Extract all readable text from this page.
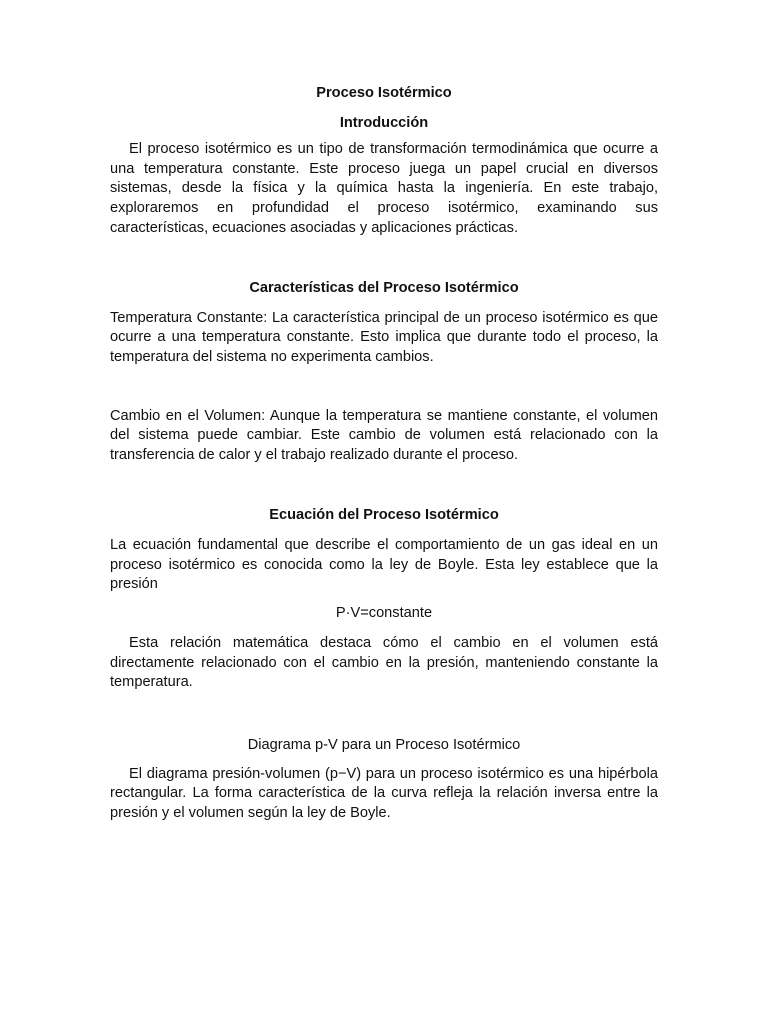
Proceso Isotérmico
Introducción

El proceso isotérmico es un tipo de transformación termodinámica que ocurre a una temperatura constante. Este proceso juega un papel crucial en diversos sistemas, desde la física y la química hasta la ingeniería. En este trabajo, exploraremos en profundidad el proceso isotérmico, examinando sus características, ecuaciones asociadas y aplicaciones prácticas.

Características del Proceso Isotérmico

Temperatura Constante: La característica principal de un proceso isotérmico es que ocurre a una temperatura constante. Esto implica que durante todo el proceso, la temperatura del sistema no experimenta cambios.

Cambio en el Volumen: Aunque la temperatura se mantiene constante, el volumen del sistema puede cambiar. Este cambio de volumen está relacionado con la transferencia de calor y el trabajo realizado durante el proceso.

Ecuación del Proceso Isotérmico

La ecuación fundamental que describe el comportamiento de un gas ideal en un proceso isotérmico es conocida como la ley de Boyle. Esta ley establece que la presión

P·V=constante

Esta relación matemática destaca cómo el cambio en el volumen está directamente relacionado con el cambio en la presión, manteniendo constante la temperatura.

Diagrama p-V para un Proceso Isotérmico

El diagrama presión-volumen (p−V) para un proceso isotérmico es una hipérbola rectangular. La forma característica de la curva refleja la relación inversa entre la presión y el volumen según la ley de Boyle.
